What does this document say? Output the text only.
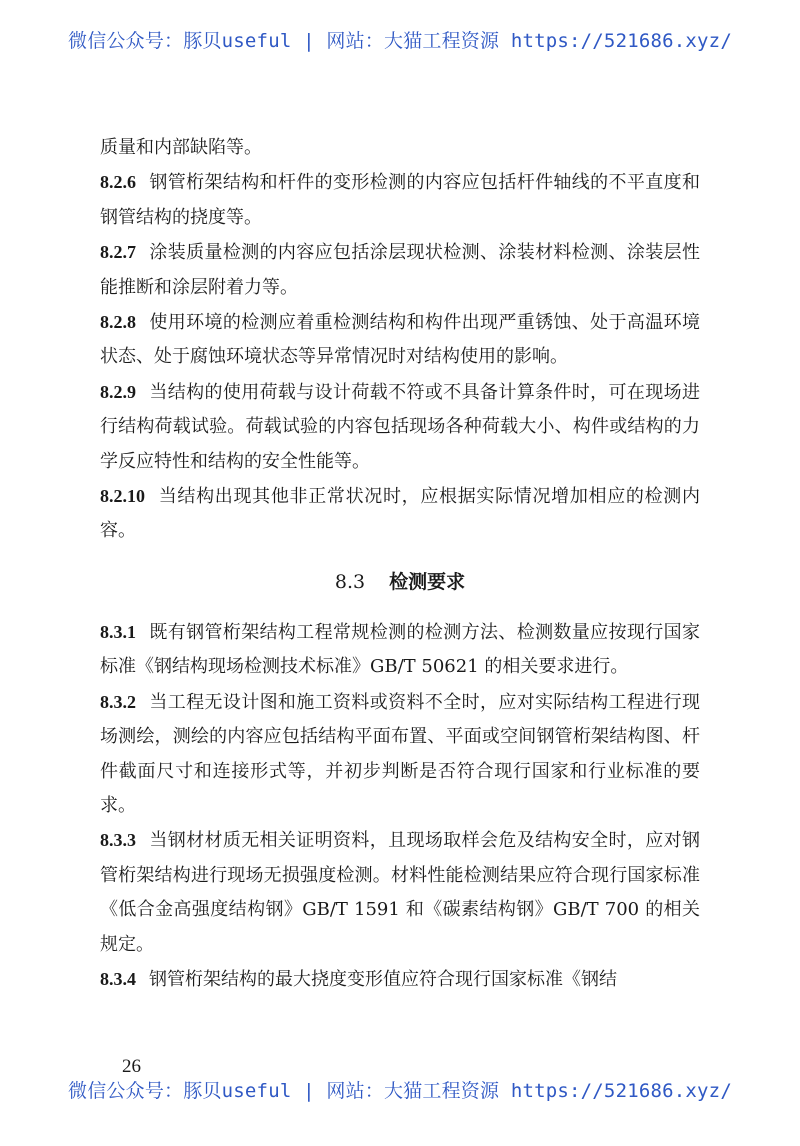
微信公众号：豚贝useful | 网站：大猫工程资源 https://521686.xyz/

质量和内部缺陷等。

8.2.6 钢管桁架结构和杆件的变形检测的内容应包括杆件轴线的不平直度和钢管结构的挠度等。

8.2.7 涂装质量检测的内容应包括涂层现状检测、涂装材料检测、涂装层性能推断和涂层附着力等。

8.2.8 使用环境的检测应着重检测结构和构件出现严重锈蚀、处于高温环境状态、处于腐蚀环境状态等异常情况时对结构使用的影响。

8.2.9 当结构的使用荷载与设计荷载不符或不具备计算条件时，可在现场进行结构荷载试验。荷载试验的内容包括现场各种荷载大小、构件或结构的力学反应特性和结构的安全性能等。

8.2.10 当结构出现其他非正常状况时，应根据实际情况增加相应的检测内容。

8.3 检测要求

8.3.1 既有钢管桁架结构工程常规检测的检测方法、检测数量应按现行国家标准《钢结构现场检测技术标准》GB/T 50621 的相关要求进行。

8.3.2 当工程无设计图和施工资料或资料不全时，应对实际结构工程进行现场测绘，测绘的内容应包括结构平面布置、平面或空间钢管桁架结构图、杆件截面尺寸和连接形式等，并初步判断是否符合现行国家和行业标准的要求。

8.3.3 当钢材材质无相关证明资料，且现场取样会危及结构安全时，应对钢管桁架结构进行现场无损强度检测。材料性能检测结果应符合现行国家标准《低合金高强度结构钢》GB/T 1591 和《碳素结构钢》GB/T 700 的相关规定。

8.3.4 钢管桁架结构的最大挠度变形值应符合现行国家标准《钢结

26
微信公众号：豚贝useful | 网站：大猫工程资源 https://521686.xyz/
